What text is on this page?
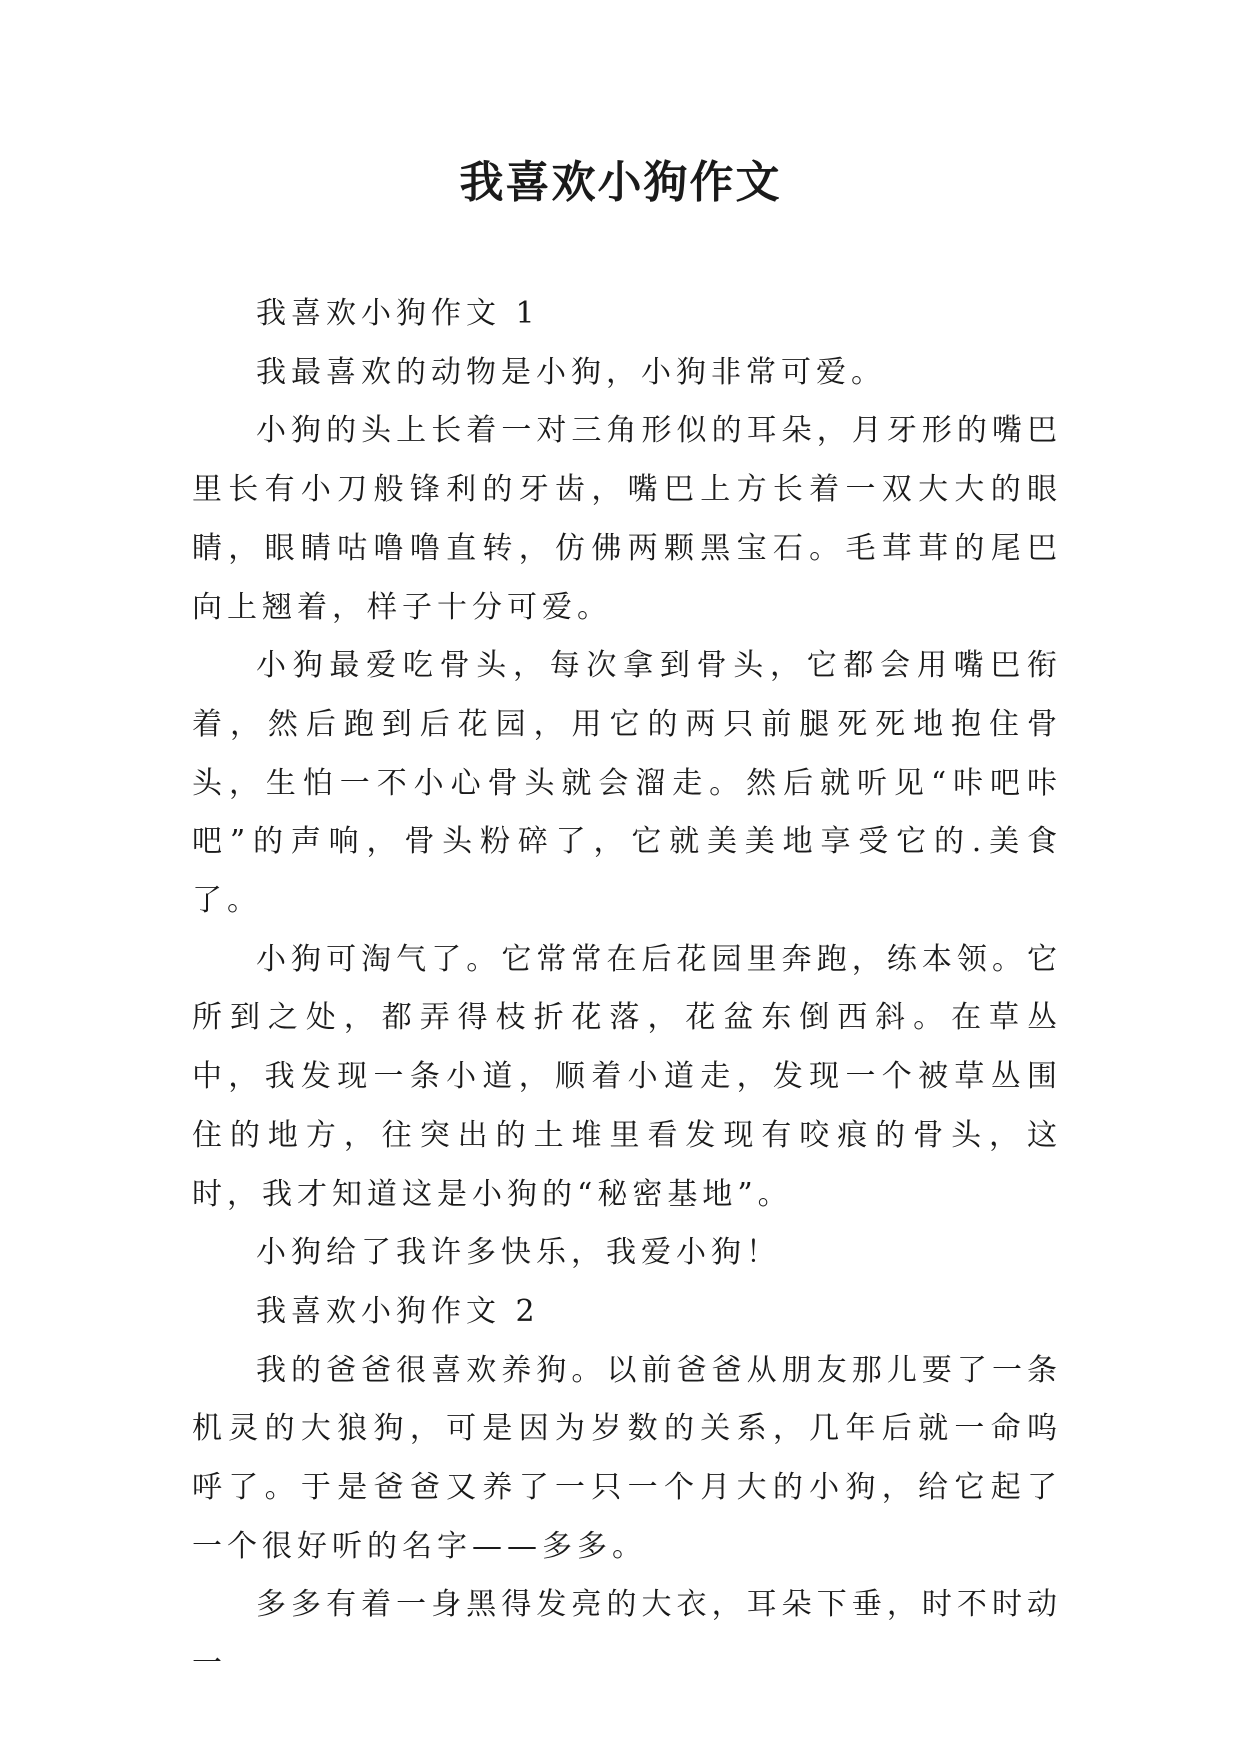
我喜欢小狗作文

我喜欢小狗作文 1

我最喜欢的动物是小狗，小狗非常可爱。

小狗的头上长着一对三角形似的耳朵，月牙形的嘴巴里长有小刀般锋利的牙齿，嘴巴上方长着一双大大的眼睛，眼睛咕噜噜直转，仿佛两颗黑宝石。毛茸茸的尾巴向上翘着，样子十分可爱。

小狗最爱吃骨头，每次拿到骨头，它都会用嘴巴衔着，然后跑到后花园，用它的两只前腿死死地抱住骨头，生怕一不小心骨头就会溜走。然后就听见“咔吧咔吧”的声响，骨头粉碎了，它就美美地享受它的.美食了。

小狗可淘气了。它常常在后花园里奔跑，练本领。它所到之处，都弄得枝折花落，花盆东倒西斜。在草丛中，我发现一条小道，顺着小道走，发现一个被草丛围住的地方，往突出的土堆里看发现有咬痕的骨头，这时，我才知道这是小狗的“秘密基地”。

小狗给了我许多快乐，我爱小狗！

我喜欢小狗作文 2

我的爸爸很喜欢养狗。以前爸爸从朋友那儿要了一条机灵的大狼狗，可是因为岁数的关系，几年后就一命呜呼了。于是爸爸又养了一只一个月大的小狗，给它起了一个很好听的名字——多多。

多多有着一身黑得发亮的大衣，耳朵下垂，时不时动一
